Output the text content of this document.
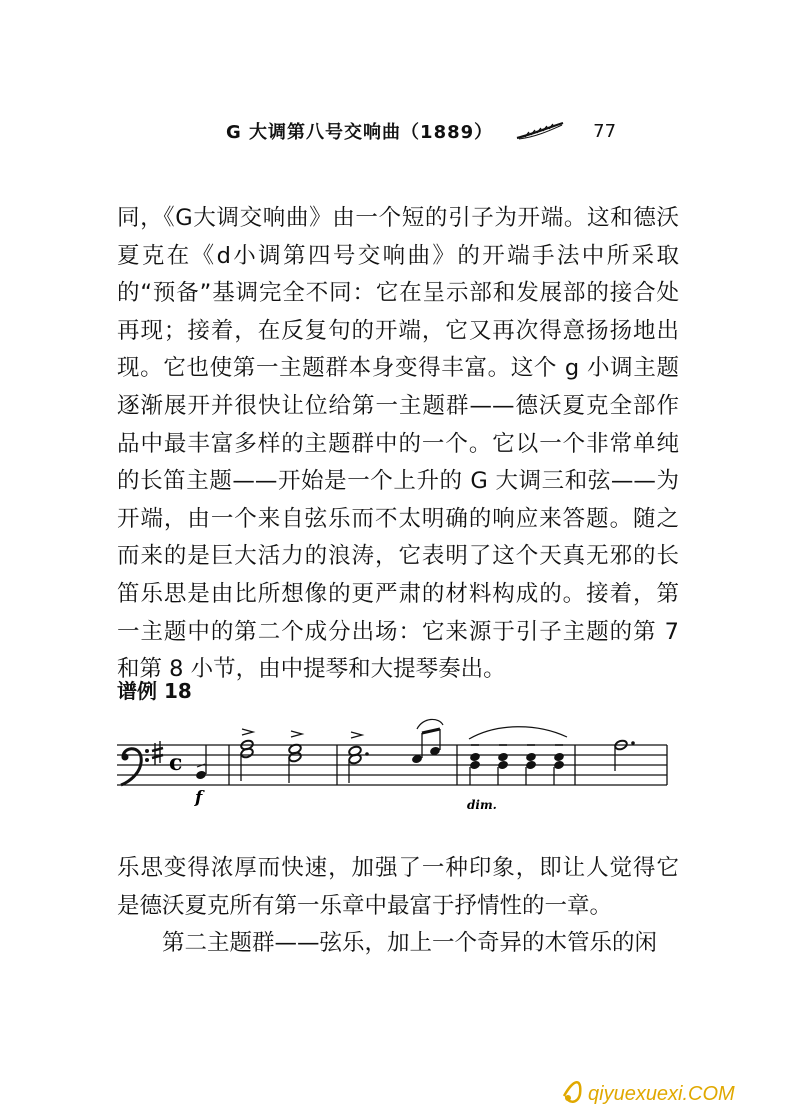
G 大调第八号交响曲（1889）	77

同，《G大调交响曲》由一个短的引子为开端。这和德沃夏克在《d小调第四号交响曲》的开端手法中所采取的“预备”基调完全不同：它在呈示部和发展部的接合处再现；接着，在反复句的开端，它又再次得意扬扬地出现。它也使第一主题群本身变得丰富。这个 g 小调主题逐渐展开并很快让位给第一主题群——德沃夏克全部作品中最丰富多样的主题群中的一个。它以一个非常单纯的长笛主题——开始是一个上升的 G 大调三和弦——为开端，由一个来自弦乐而不太明确的响应来答题。随之而来的是巨大活力的浪涛，它表明了这个天真无邪的长笛乐思是由比所想像的更严肃的材料构成的。接着，第一主题中的第二个成分出场：它来源于引子主题的第 7 和第 8 小节，由中提琴和大提琴奏出。

谱例 18
c
f	dim.
乐思变得浓厚而快速，加强了一种印象，即让人觉得它是德沃夏克所有第一乐章中最富于抒情性的一章。
第二主题群——弦乐，加上一个奇异的木管乐的闲
qiyuexuexi.COM
